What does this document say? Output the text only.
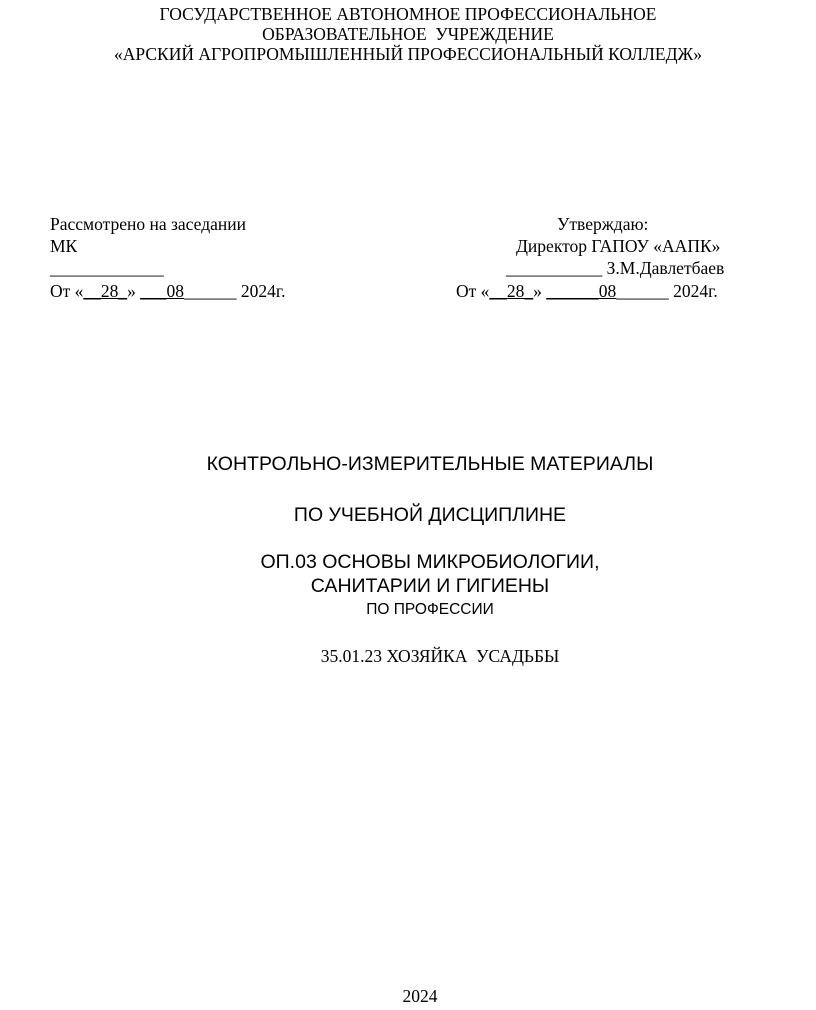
ГОСУДАРСТВЕННОЕ АВТОНОМНОЕ ПРОФЕССИОНАЛЬНОЕ
ОБРАЗОВАТЕЛЬНОЕ  УЧРЕЖДЕНИЕ
«АРСКИЙ АГРОПРОМЫШЛЕННЫЙ ПРОФЕССИОНАЛЬНЫЙ КОЛЛЕДЖ»
Рассмотрено на заседании
МК
_____________
От «__28_» ___08______ 2024г.
Утверждаю:
Директор ГАПОУ «ААПК»
___________ З.М.Давлетбаев
От «__28_» ______08______ 2024г.
КОНТРОЛЬНО-ИЗМЕРИТЕЛЬНЫЕ МАТЕРИАЛЫ
ПО УЧЕБНОЙ ДИСЦИПЛИНЕ
ОП.03 ОСНОВЫ МИКРОБИОЛОГИИ,
САНИТАРИИ И ГИГИЕНЫ
ПО ПРОФЕССИИ
35.01.23 ХОЗЯЙКА  УСАДЬБЫ
2024
